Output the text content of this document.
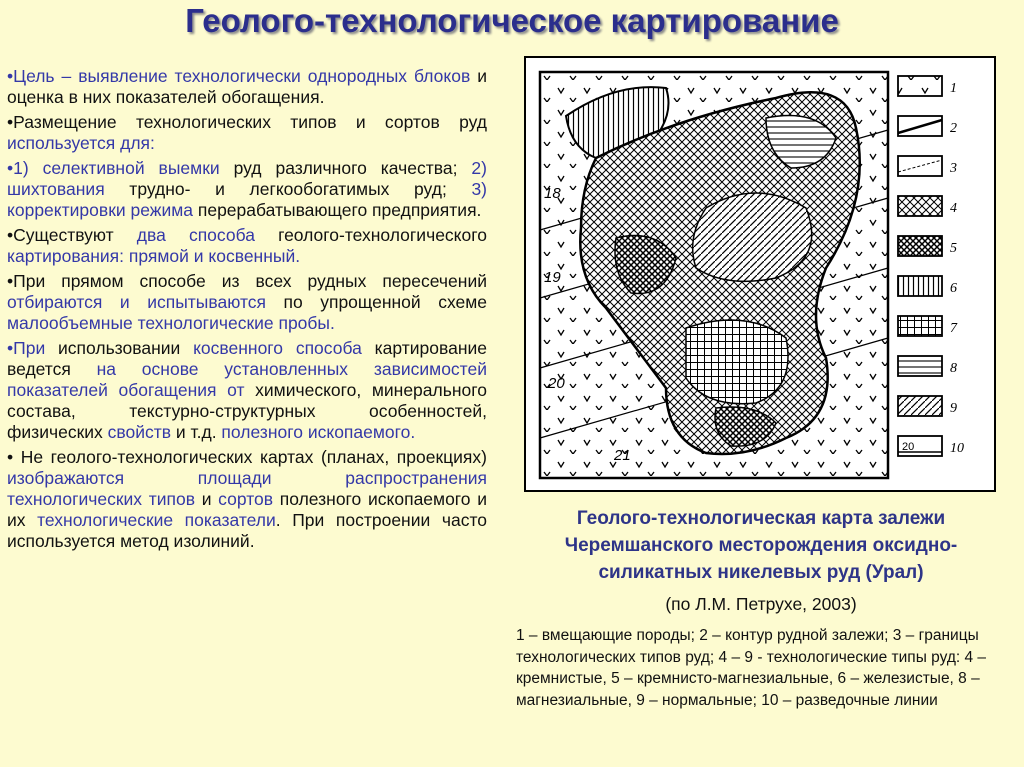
Геолого-технологическое картирование

•Цель – выявление технологически однородных блоков и оценка в них показателей обогащения.

•Размещение технологических типов и сортов руд используется для:

•1) селективной выемки руд различного качества; 2) шихтования трудно- и легкообогатимых руд; 3) корректировки режима перерабатывающего предприятия.

•Существуют два способа геолого-технологического картирования: прямой и косвенный.

•При прямом способе из всех рудных пересечений отбираются и испытываются по упрощенной схеме малообъемные технологические пробы.

•При использовании косвенного способа картирование ведется на основе установленных зависимостей показателей обогащения от химического, минерального состава, текстурно-структурных особенностей, физических свойств и т.д. полезного ископаемого.

• Не геолого-технологических картах (планах, проекциях) изображаются площади распространения технологических типов и сортов полезного ископаемого и их технологические показатели. При построении часто используется метод изолиний.

18
19
20
21	20
1
2
3
4
5
6
7
8
9
10
Геолого-технологическая карта залежи Черемшанского месторождения оксидно-силикатных никелевых руд (Урал)
(по Л.М. Петрухе, 2003)

1 – вмещающие породы; 2 – контур рудной залежи; 3 – границы технологических типов руд; 4 – 9 - технологические типы руд: 4 – кремнистые, 5 – кремнисто-магнезиальные, 6 – железистые, 8 – магнезиальные, 9 – нормальные; 10 – разведочные линии
